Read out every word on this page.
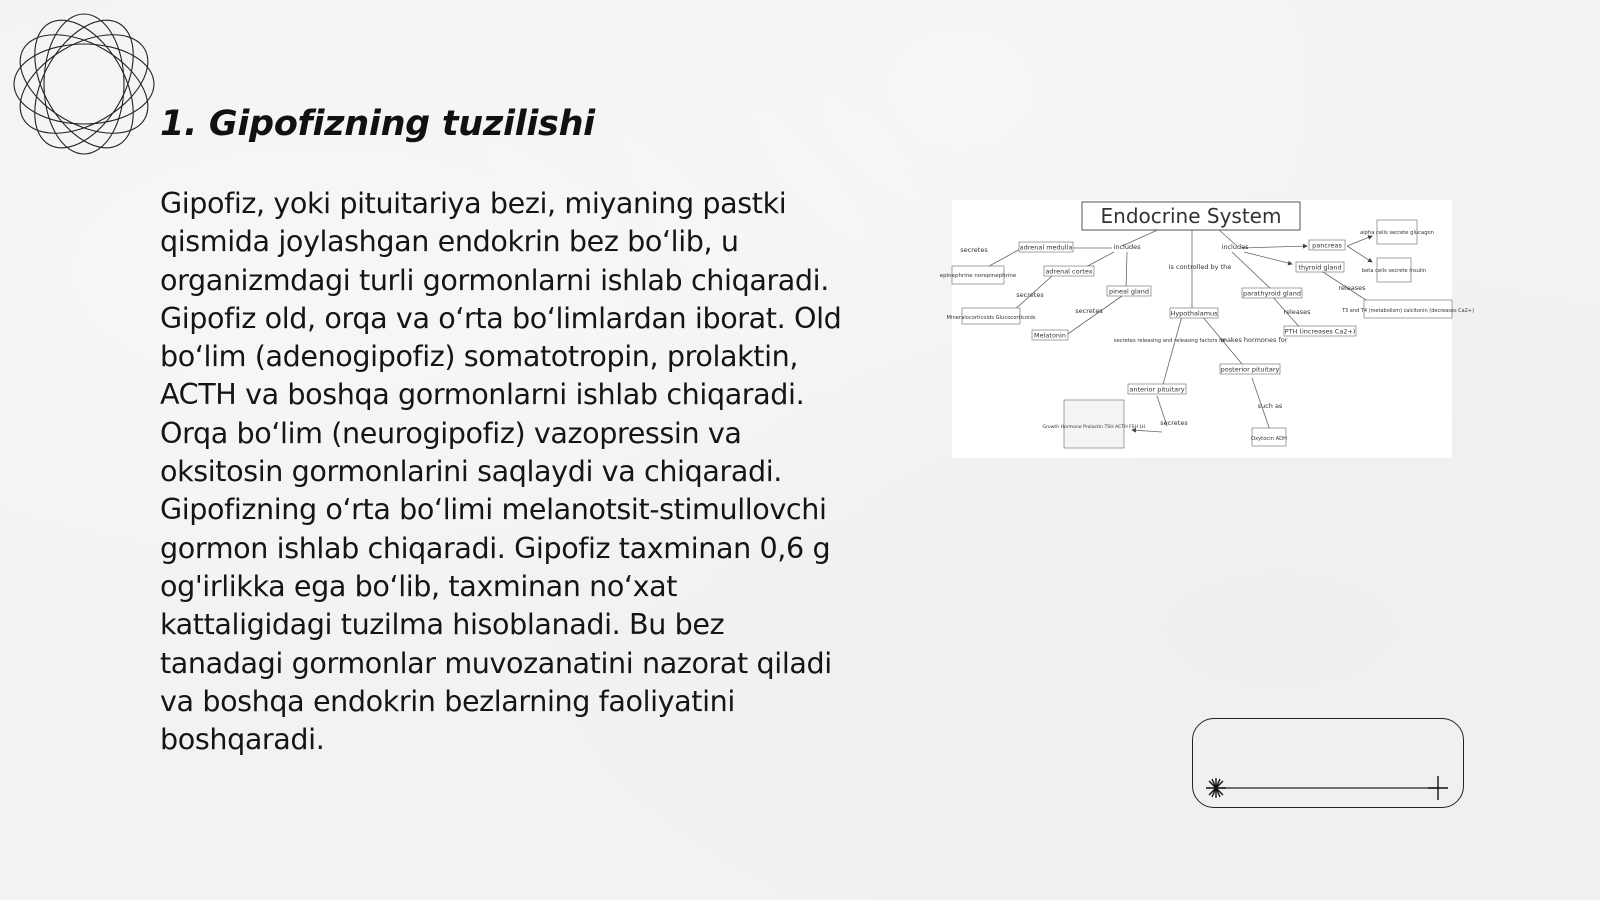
1. Gipofizning tuzilishi

Gipofiz, yoki pituitariya bezi, miyaning pastki qismida joylashgan endokrin bez bo‘lib, u organizmdagi turli gormonlarni ishlab chiqaradi. Gipofiz old, orqa va o‘rta bo‘limlardan iborat. Old bo‘lim (adenogipofiz) somatotropin, prolaktin, ACTH va boshqa gormonlarni ishlab chiqaradi. Orqa bo‘lim (neurogipofiz) vazopressin va oksitosin gormonlarini saqlaydi va chiqaradi. Gipofizning o‘rta bo‘limi melanotsit-stimullovchi gormon ishlab chiqaradi. Gipofiz taxminan 0,6 g og'irlikka ega bo‘lib, taxminan no‘xat kattaligidagi tuzilma hisoblanadi. Bu bez tanadagi gormonlar muvozanatini nazorat qiladi va boshqa endokrin bezlarning faoliyatini boshqaradi.

Endocrine System
adrenal medulla	includes
secretes
epinephrine norepinephrine
adrenal cortex
secretes
Mineralocorticoids Glucocorticoids
pineal gland
secretes
Melatonin
is controlled by the
Hypothalamus
includes	pancreas
alpha cells secrete glucagon
beta cells secrete insulin
thyroid gland
releases
T3 and T4 (metabolism) calcitonin (decreases Ca2+)
parathyroid gland
releases
PTH (increases Ca2+)
secretes releasing and releasing factors for
makes hormones for
posterior pituitary
anterior pituitary
such as
Oxytocin ADH
Growth Hormone Prolactin TSH ACTH FSH LH
secretes
